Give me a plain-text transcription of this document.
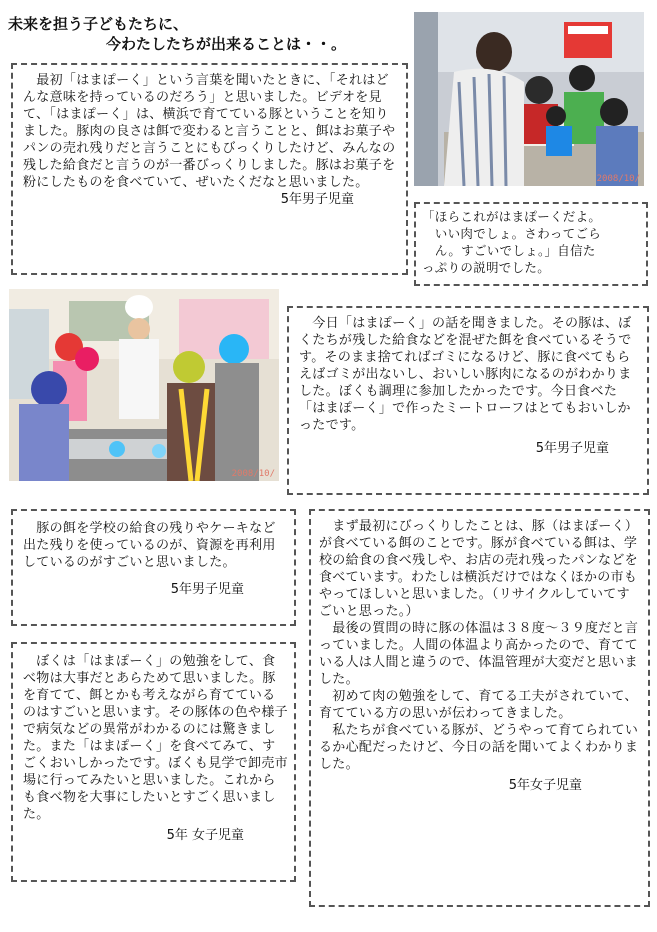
未来を担う子どもたちに、
今わたしたちが出来ることは・・。

　最初「はまぽーく」という言葉を聞いたときに、「それはどんな意味を持っているのだろう」と思いました。ビデオを見て、「はまぽーく」は、横浜で育てている豚ということを知りました。豚肉の良さは餌で変わると言うことと、餌はお菓子やパンの売れ残りだと言うことにもびっくりしたけど、みんなの残した給食だと言うのが一番びっくりしました。豚はお菓子を粉にしたものを食べていて、ぜいたくだなと思いました。

5年男子児童
2008/10/

「ほらこれがはまぽーくだよ。
　いい肉でしょ。さわってごら
　ん。すごいでしょ。」自信た
っぷりの説明でした。

2008/10/

　今日「はまぽーく」の話を聞きました。その豚は、ぼくたちが残した給食などを混ぜた餌を食べているそうです。そのまま捨てればゴミになるけど、豚に食べてもらえばゴミが出ないし、おいしい豚肉になるのがわかりました。ぼくも調理に参加したかったです。今日食べた「はまぽーく」で作ったミートローフはとてもおいしかったです。

5年男子児童

　豚の餌を学校の給食の残りやケーキなど出た残りを使っているのが、資源を再利用しているのがすごいと思いました。

5年男子児童

　ぼくは「はまぽーく」の勉強をして、食べ物は大事だとあらためて思いました。豚を育てて、餌とかも考えながら育てているのはすごいと思います。その豚体の色や様子で病気などの異常がわかるのには驚きました。また「はまぽーく」を食べてみて、すごくおいしかったです。ぼくも見学で卸売市場に行ってみたいと思いました。これからも食べ物を大事にしたいとすごく思いました。

5年 女子児童

　まず最初にびっくりしたことは、豚（はまぽーく）が食べている餌のことです。豚が食べている餌は、学校の給食の食べ残しや、お店の売れ残ったパンなどを食べています。わたしは横浜だけではなくほかの市もやってほしいと思いました。（リサイクルしていてすごいと思った。）
　最後の質問の時に豚の体温は３８度～３９度だと言っていました。人間の体温より高かったので、育てている人は人間と違うので、体温管理が大変だと思いました。
　初めて肉の勉強をして、育てる工夫がされていて、育てている方の思いが伝わってきました。
　私たちが食べている豚が、どうやって育てられているか心配だったけど、今日の話を聞いてよくわかりました。

5年女子児童
